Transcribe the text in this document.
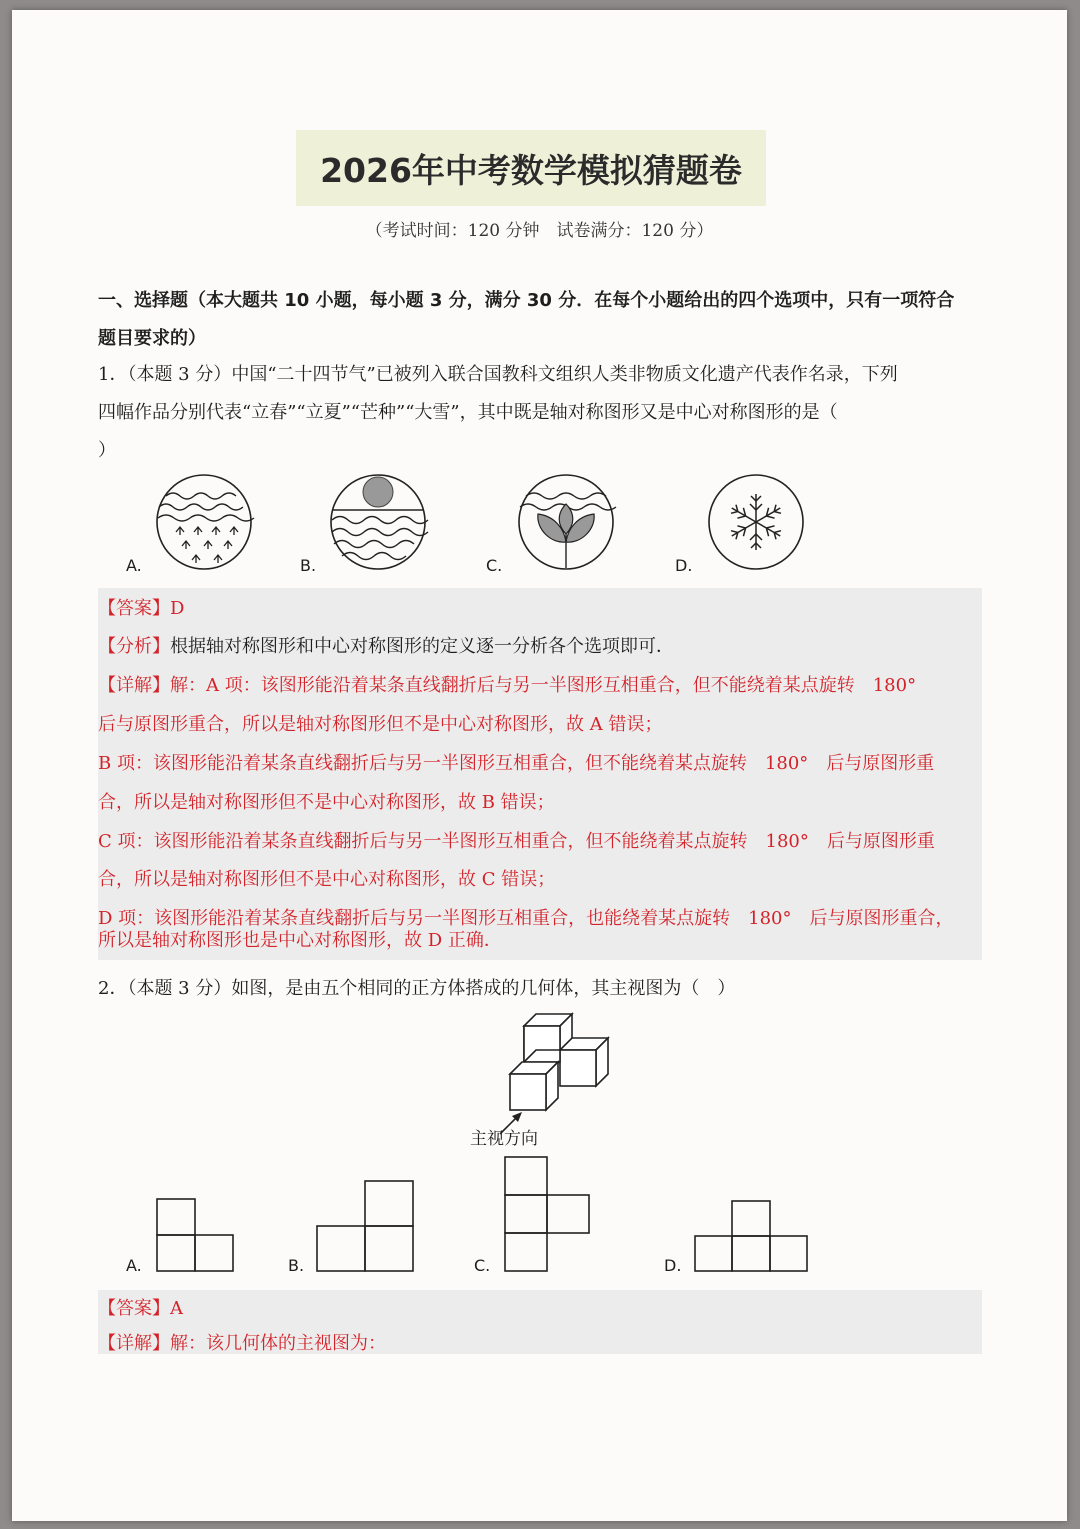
2026年中考数学模拟猜题卷
（考试时间：120 分钟　试卷满分：120 分）
一、选择题（本大题共 10 小题，每小题 3 分，满分 30 分．在每个小题给出的四个选项中，只有一项符合
题目要求的）
1．（本题 3 分）中国“二十四节气”已被列入联合国教科文组织人类非物质文化遗产代表作名录，下列
四幅作品分别代表“立春”“立夏”“芒种”“大雪”，其中既是轴对称图形又是中心对称图形的是（
）
A.	B.	C.	D.
【答案】D
【分析】根据轴对称图形和中心对称图形的定义逐一分析各个选项即可．
【详解】解：A 项：该图形能沿着某条直线翻折后与另一半图形互相重合，但不能绕着某点旋转　180°
后与原图形重合，所以是轴对称图形但不是中心对称图形，故 A 错误；
B 项：该图形能沿着某条直线翻折后与另一半图形互相重合，但不能绕着某点旋转　180°　后与原图形重
合，所以是轴对称图形但不是中心对称图形，故 B 错误；
C 项：该图形能沿着某条直线翻折后与另一半图形互相重合，但不能绕着某点旋转　180°　后与原图形重
合，所以是轴对称图形但不是中心对称图形，故 C 错误；
D 项：该图形能沿着某条直线翻折后与另一半图形互相重合，也能绕着某点旋转　180°　后与原图形重合，
所以是轴对称图形也是中心对称图形，故 D 正确．
2．（本题 3 分）如图，是由五个相同的正方体搭成的几何体，其主视图为（　）
主视方向
A.	B.	C.	D.
【答案】A
【详解】解：该几何体的主视图为：
